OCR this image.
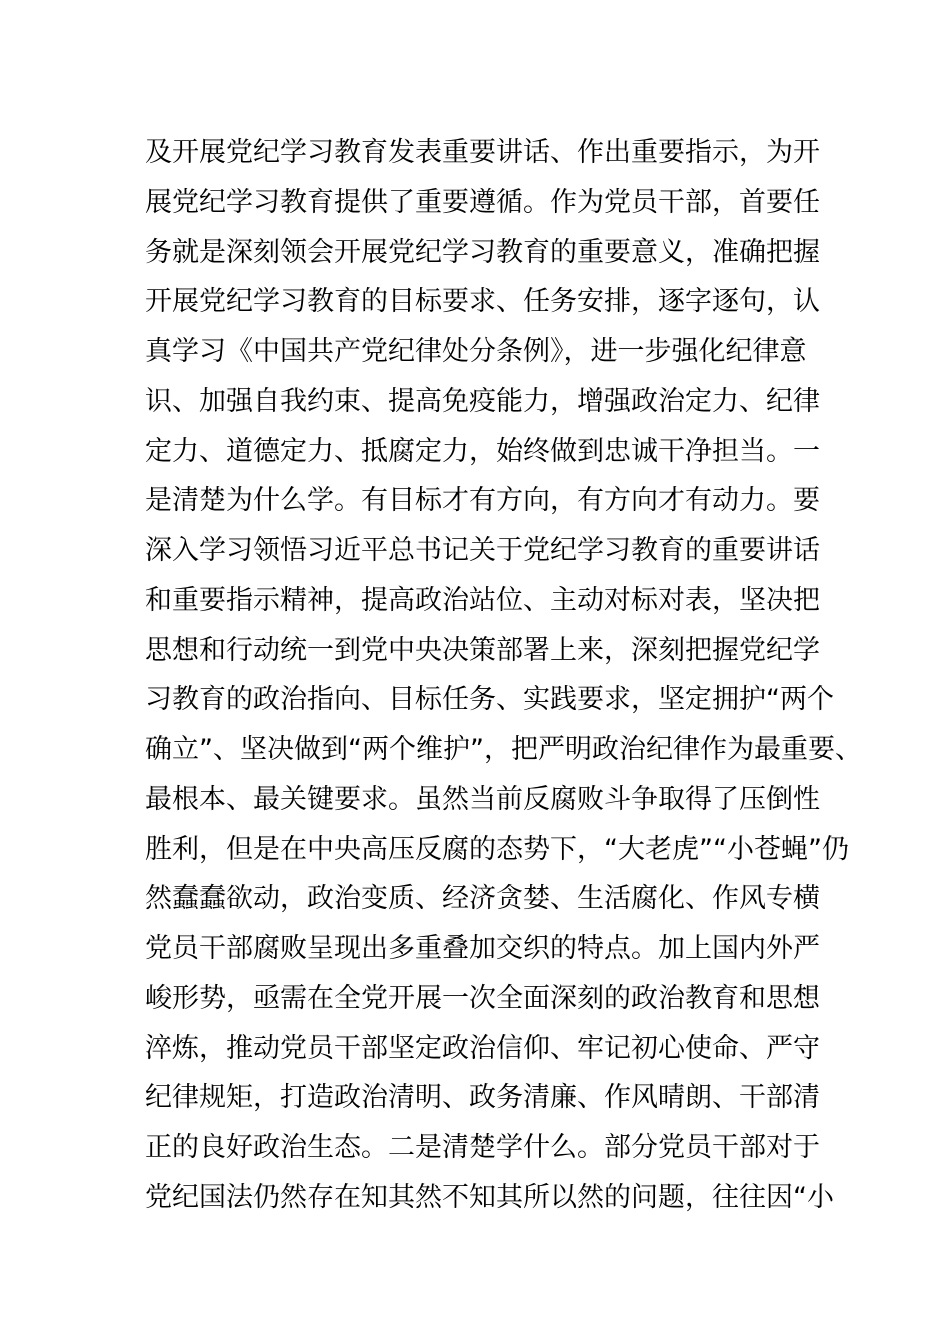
及开展党纪学习教育发表重要讲话、作出重要指示，为开
展党纪学习教育提供了重要遵循。作为党员干部，首要任
务就是深刻领会开展党纪学习教育的重要意义，准确把握
开展党纪学习教育的目标要求、任务安排，逐字逐句，认
真学习《中国共产党纪律处分条例》，进一步强化纪律意
识、加强自我约束、提高免疫能力，增强政治定力、纪律
定力、道德定力、抵腐定力，始终做到忠诚干净担当。一
是清楚为什么学。有目标才有方向，有方向才有动力。要
深入学习领悟习近平总书记关于党纪学习教育的重要讲话
和重要指示精神，提高政治站位、主动对标对表，坚决把
思想和行动统一到党中央决策部署上来，深刻把握党纪学
习教育的政治指向、目标任务、实践要求，坚定拥护“两个
确立”、坚决做到“两个维护”，把严明政治纪律作为最重要、
最根本、最关键要求。虽然当前反腐败斗争取得了压倒性
胜利，但是在中央高压反腐的态势下，“大老虎”“小苍蝇”仍
然蠢蠢欲动，政治变质、经济贪婪、生活腐化、作风专横
党员干部腐败呈现出多重叠加交织的特点。加上国内外严
峻形势，亟需在全党开展一次全面深刻的政治教育和思想
淬炼，推动党员干部坚定政治信仰、牢记初心使命、严守
纪律规矩，打造政治清明、政务清廉、作风晴朗、干部清
正的良好政治生态。二是清楚学什么。部分党员干部对于
党纪国法仍然存在知其然不知其所以然的问题，往往因“小
